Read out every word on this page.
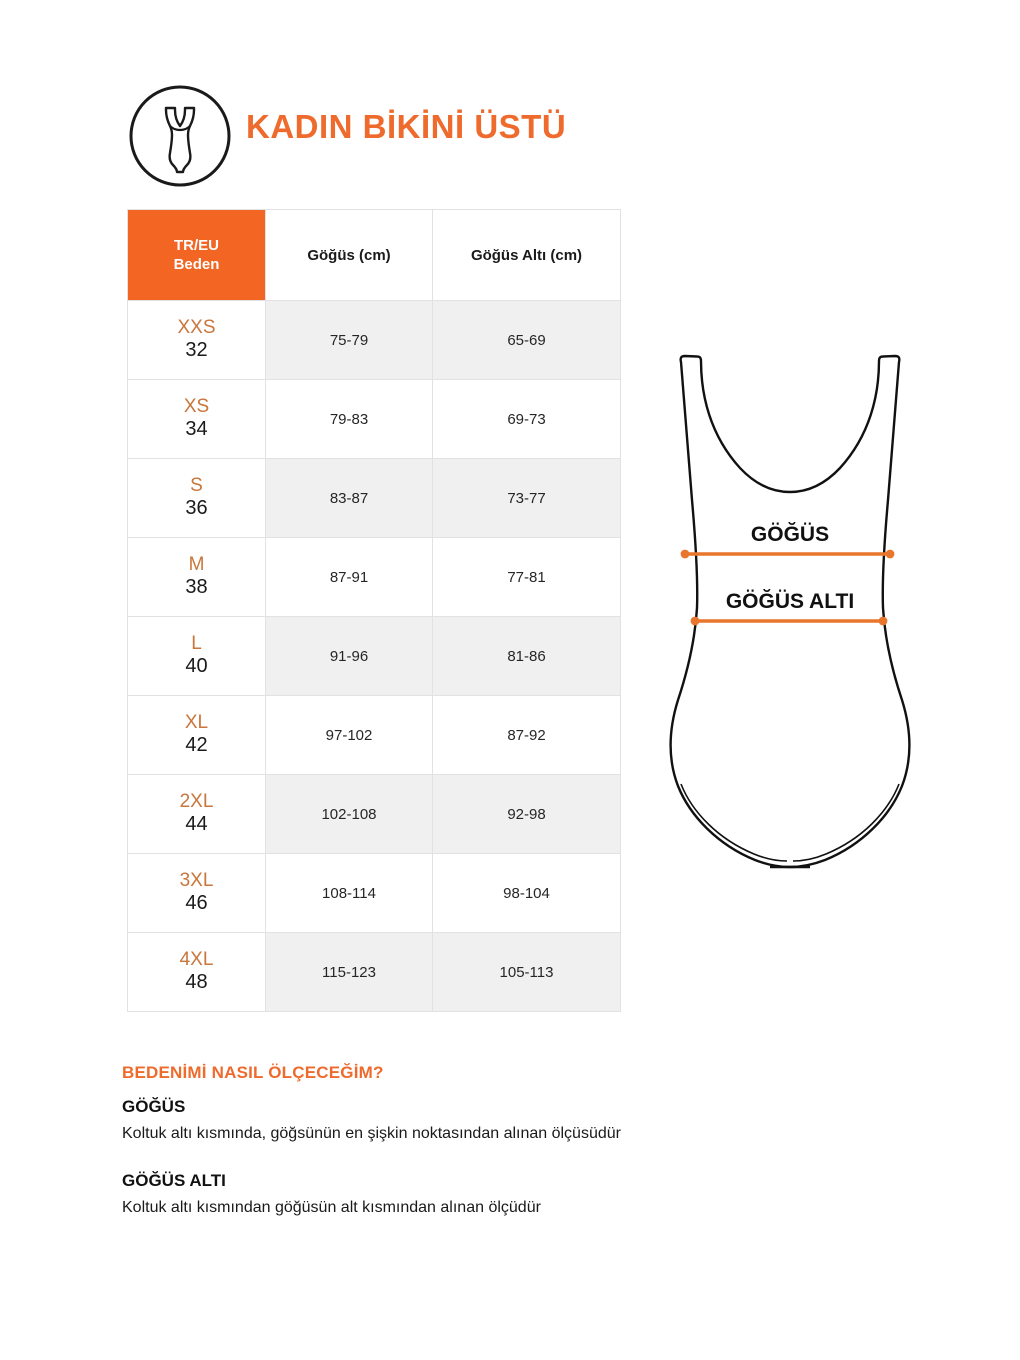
KADIN BİKİNİ ÜSTÜ
TR/EU
Beden	Göğüs (cm)	Göğüs Altı (cm)

XXS
32	75-79	65-69

XS
34	79-83	69-73

S
36	83-87	73-77

M
38	87-91	77-81

L
40	91-96	81-86

XL
42	97-102	87-92

2XL
44	102-108	92-98

3XL
46	108-114	98-104

4XL
48	115-123	105-113
GÖĞÜS
GÖĞÜS ALTI
BEDENİMİ NASIL ÖLÇECEĞİM?
GÖĞÜS
Koltuk altı kısmında, göğsünün en şişkin noktasından alınan ölçüsüdür
GÖĞÜS ALTI
Koltuk altı kısmından göğüsün alt kısmından alınan ölçüdür
